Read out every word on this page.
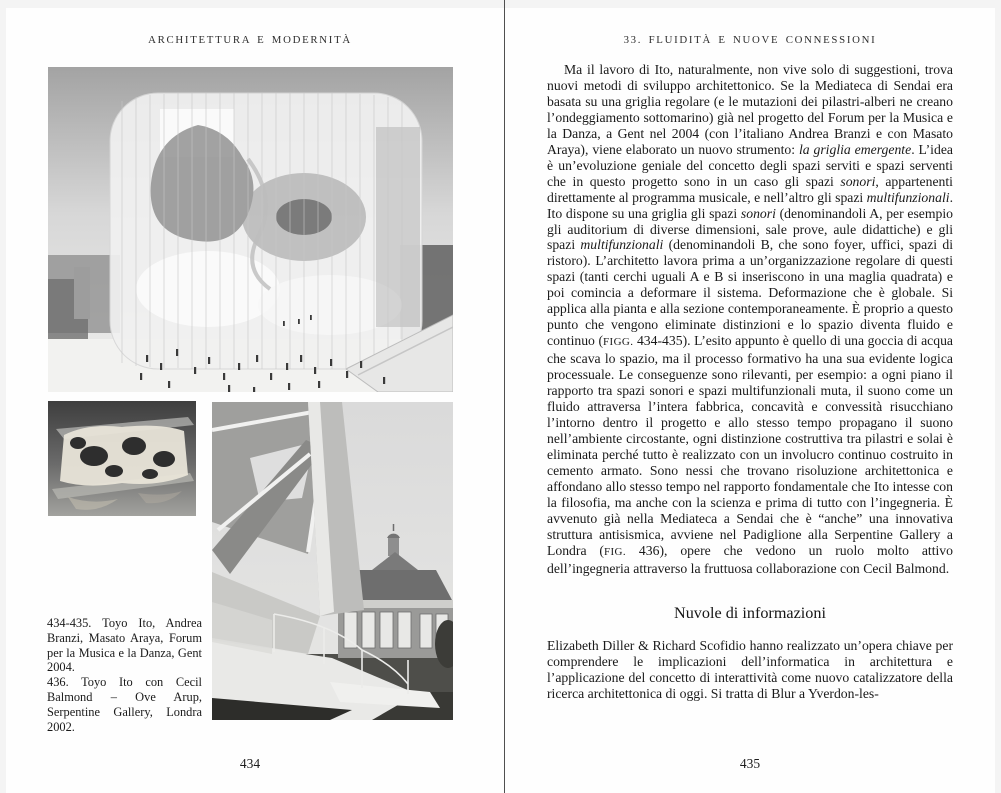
ARCHITETTURA E MODERNITÀ	33. FLUIDITÀ E NUOVE CONNESSIONI

434-435. Toyo Ito, Andrea Branzi, Masato Araya, Forum per la Musica e la Danza, Gent 2004.

436. Toyo Ito con Cecil Balmond – Ove Arup, Serpentine Gallery, Londra 2002.

Ma il lavoro di Ito, naturalmente, non vive solo di suggestioni, trova nuovi metodi di sviluppo architettonico. Se la Mediateca di Sendai era basata su una griglia regolare (e le mutazioni dei pilastri-alberi ne creano l’ondeggiamento sottomarino) già nel progetto del Forum per la Musica e la Danza, a Gent nel 2004 (con l’italiano Andrea Branzi e con Masato Araya), viene elaborato un nuovo strumento: la griglia emergente. L’idea è un’evoluzione geniale del concetto degli spazi serviti e spazi serventi che in questo progetto sono in un caso gli spazi sonori, appartenenti direttamente al programma musicale, e nell’altro gli spazi multifunzionali. Ito dispone su una griglia gli spazi sonori (denominandoli A, per esempio gli auditorium di diverse dimensioni, sale prove, aule didattiche) e gli spazi multifunzionali (denominandoli B, che sono foyer, uffici, spazi di ristoro). L’architetto lavora prima a un’organizzazione regolare di questi spazi (tanti cerchi uguali A e B si inseriscono in una maglia quadrata) e poi comincia a deformare il sistema. Deformazione che è globale. Si applica alla pianta e alla sezione contemporaneamente. È proprio a questo punto che vengono eliminate distinzioni e lo spazio diventa fluido e continuo (FIGG. 434-435). L’esito appunto è quello di una goccia di acqua che scava lo spazio, ma il processo formativo ha una sua evidente logica processuale. Le conseguenze sono rilevanti, per esempio: a ogni piano il rapporto tra spazi sonori e spazi multifunzionali muta, il suono come un fluido attraversa l’intera fabbrica, concavità e convessità risucchiano l’intorno dentro il progetto e allo stesso tempo propagano il suono nell’ambiente circostante, ogni distinzione costruttiva tra pilastri e solai è eliminata perché tutto è realizzato con un involucro continuo costruito in cemento armato. Sono nessi che trovano risoluzione architettonica e affondano allo stesso tempo nel rapporto fondamentale che Ito intesse con la filosofia, ma anche con la scienza e prima di tutto con l’ingegneria. È avvenuto già nella Mediateca a Sendai che è “anche” una innovativa struttura antisismica, avviene nel Padiglione alla Serpentine Gallery a Londra (FIG. 436), opere che vedono un ruolo molto attivo dell’ingegneria attraverso la fruttuosa collaborazione con Cecil Balmond.

Nuvole di informazioni

Elizabeth Diller & Richard Scofidio hanno realizzato un’opera chiave per comprendere le implicazioni dell’informatica in architettura e l’applicazione del concetto di interattività come nuovo catalizzatore della ricerca architettonica di oggi. Si tratta di Blur a Yverdon-les-

434	435
